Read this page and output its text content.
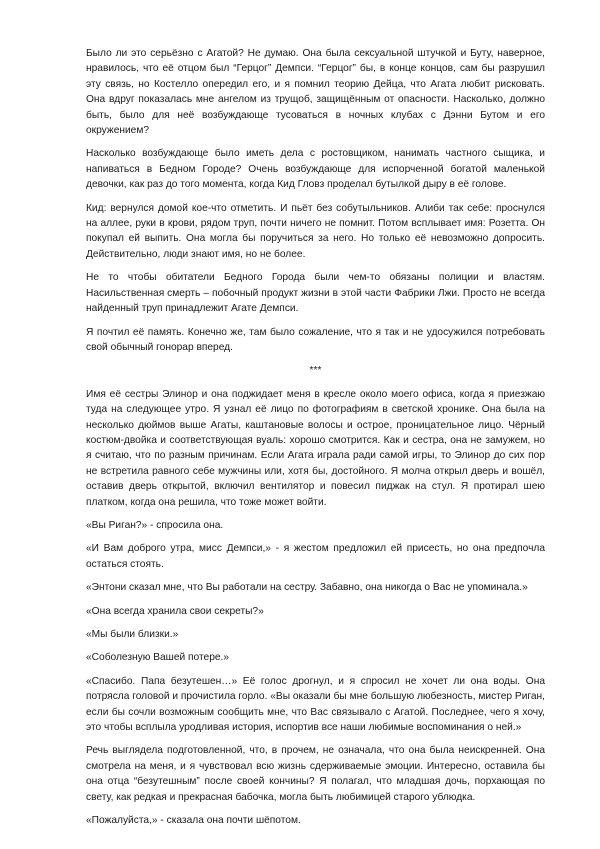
Было ли это серьёзно с Агатой? Не думаю. Она была сексуальной штучкой и Буту, наверное, нравилось, что её отцом был “Герцог” Демпси. “Герцог” бы, в конце концов, сам бы разрушил эту связь, но Костелло опередил его, и я помнил теорию Дейца, что Агата любит рисковать. Она вдруг показалась мне ангелом из трущоб, защищённым от опасности. Насколько, должно быть, было для неё возбуждающе тусоваться в ночных клубах с Дэнни Бутом и его окружением?

Насколько возбуждающе было иметь дела с ростовщиком, нанимать частного сыщика, и напиваться в Бедном Городе? Очень возбуждающе для испорченной богатой маленькой девочки, как раз до того момента, когда Кид Гловз проделал бутылкой дыру в её голове.

Кид: вернулся домой кое-что отметить. И пьёт без собутыльников. Алиби так себе: проснулся на аллее, руки в крови, рядом труп, почти ничего не помнит. Потом всплывает имя: Розетта. Он покупал ей выпить. Она могла бы поручиться за него. Но только её невозможно допросить. Действительно, люди знают имя, но не более.

Не то чтобы обитатели Бедного Города были чем-то обязаны полиции и властям. Насильственная смерть – побочный продукт жизни в этой части Фабрики Лжи. Просто не всегда найденный труп принадлежит Агате Демпси.

Я почтил её память. Конечно же, там было сожаление, что я так и не удосужился потребовать свой обычный гонорар вперед.

***

Имя её сестры Элинор и она поджидает меня в кресле около моего офиса, когда я приезжаю туда на следующее утро. Я узнал её лицо по фотографиям в светской хронике. Она была на несколько дюймов выше Агаты, каштановые волосы и острое, проницательное лицо. Чёрный костюм-двойка и соответствующая вуаль: хорошо смотрится. Как и сестра, она не замужем, но я считаю, что по разным причинам. Если Агата играла ради самой игры, то Элинор до сих пор не встретила равного себе мужчины или, хотя бы, достойного. Я молча открыл дверь и вошёл, оставив дверь открытой, включил вентилятор и повесил пиджак на стул. Я протирал шею платком, когда она решила, что тоже может войти.

«Вы Риган?» - спросила она.

«И Вам доброго утра, мисс Демпси,» - я жестом предложил ей присесть, но она предпочла остаться стоять.

«Энтони сказал мне, что Вы работали на сестру. Забавно, она никогда о Вас не упоминала.»

«Она всегда хранила свои секреты?»

«Мы были близки.»

«Соболезную Вашей потере.»

«Спасибо. Папа безутешен…» Её голос дрогнул, и я спросил не хочет ли она воды. Она потрясла головой и прочистила горло. «Вы оказали бы мне большую любезность, мистер Риган, если бы сочли возможным сообщить мне, что Вас связывало с Агатой. Последнее, чего я хочу, это чтобы всплыла уродливая история, испортив все наши любимые воспоминания о ней.»

Речь выглядела подготовленной, что, в прочем, не означала, что она была неискренней. Она смотрела на меня, и я чувствовал всю жизнь сдерживаемые эмоции. Интересно, оставила бы она отца “безутешным” после своей кончины? Я полагал, что младшая дочь, порхающая по свету, как редкая и прекрасная бабочка, могла быть любимицей старого ублюдка.

«Пожалуйста,» - сказала она почти шёпотом.
